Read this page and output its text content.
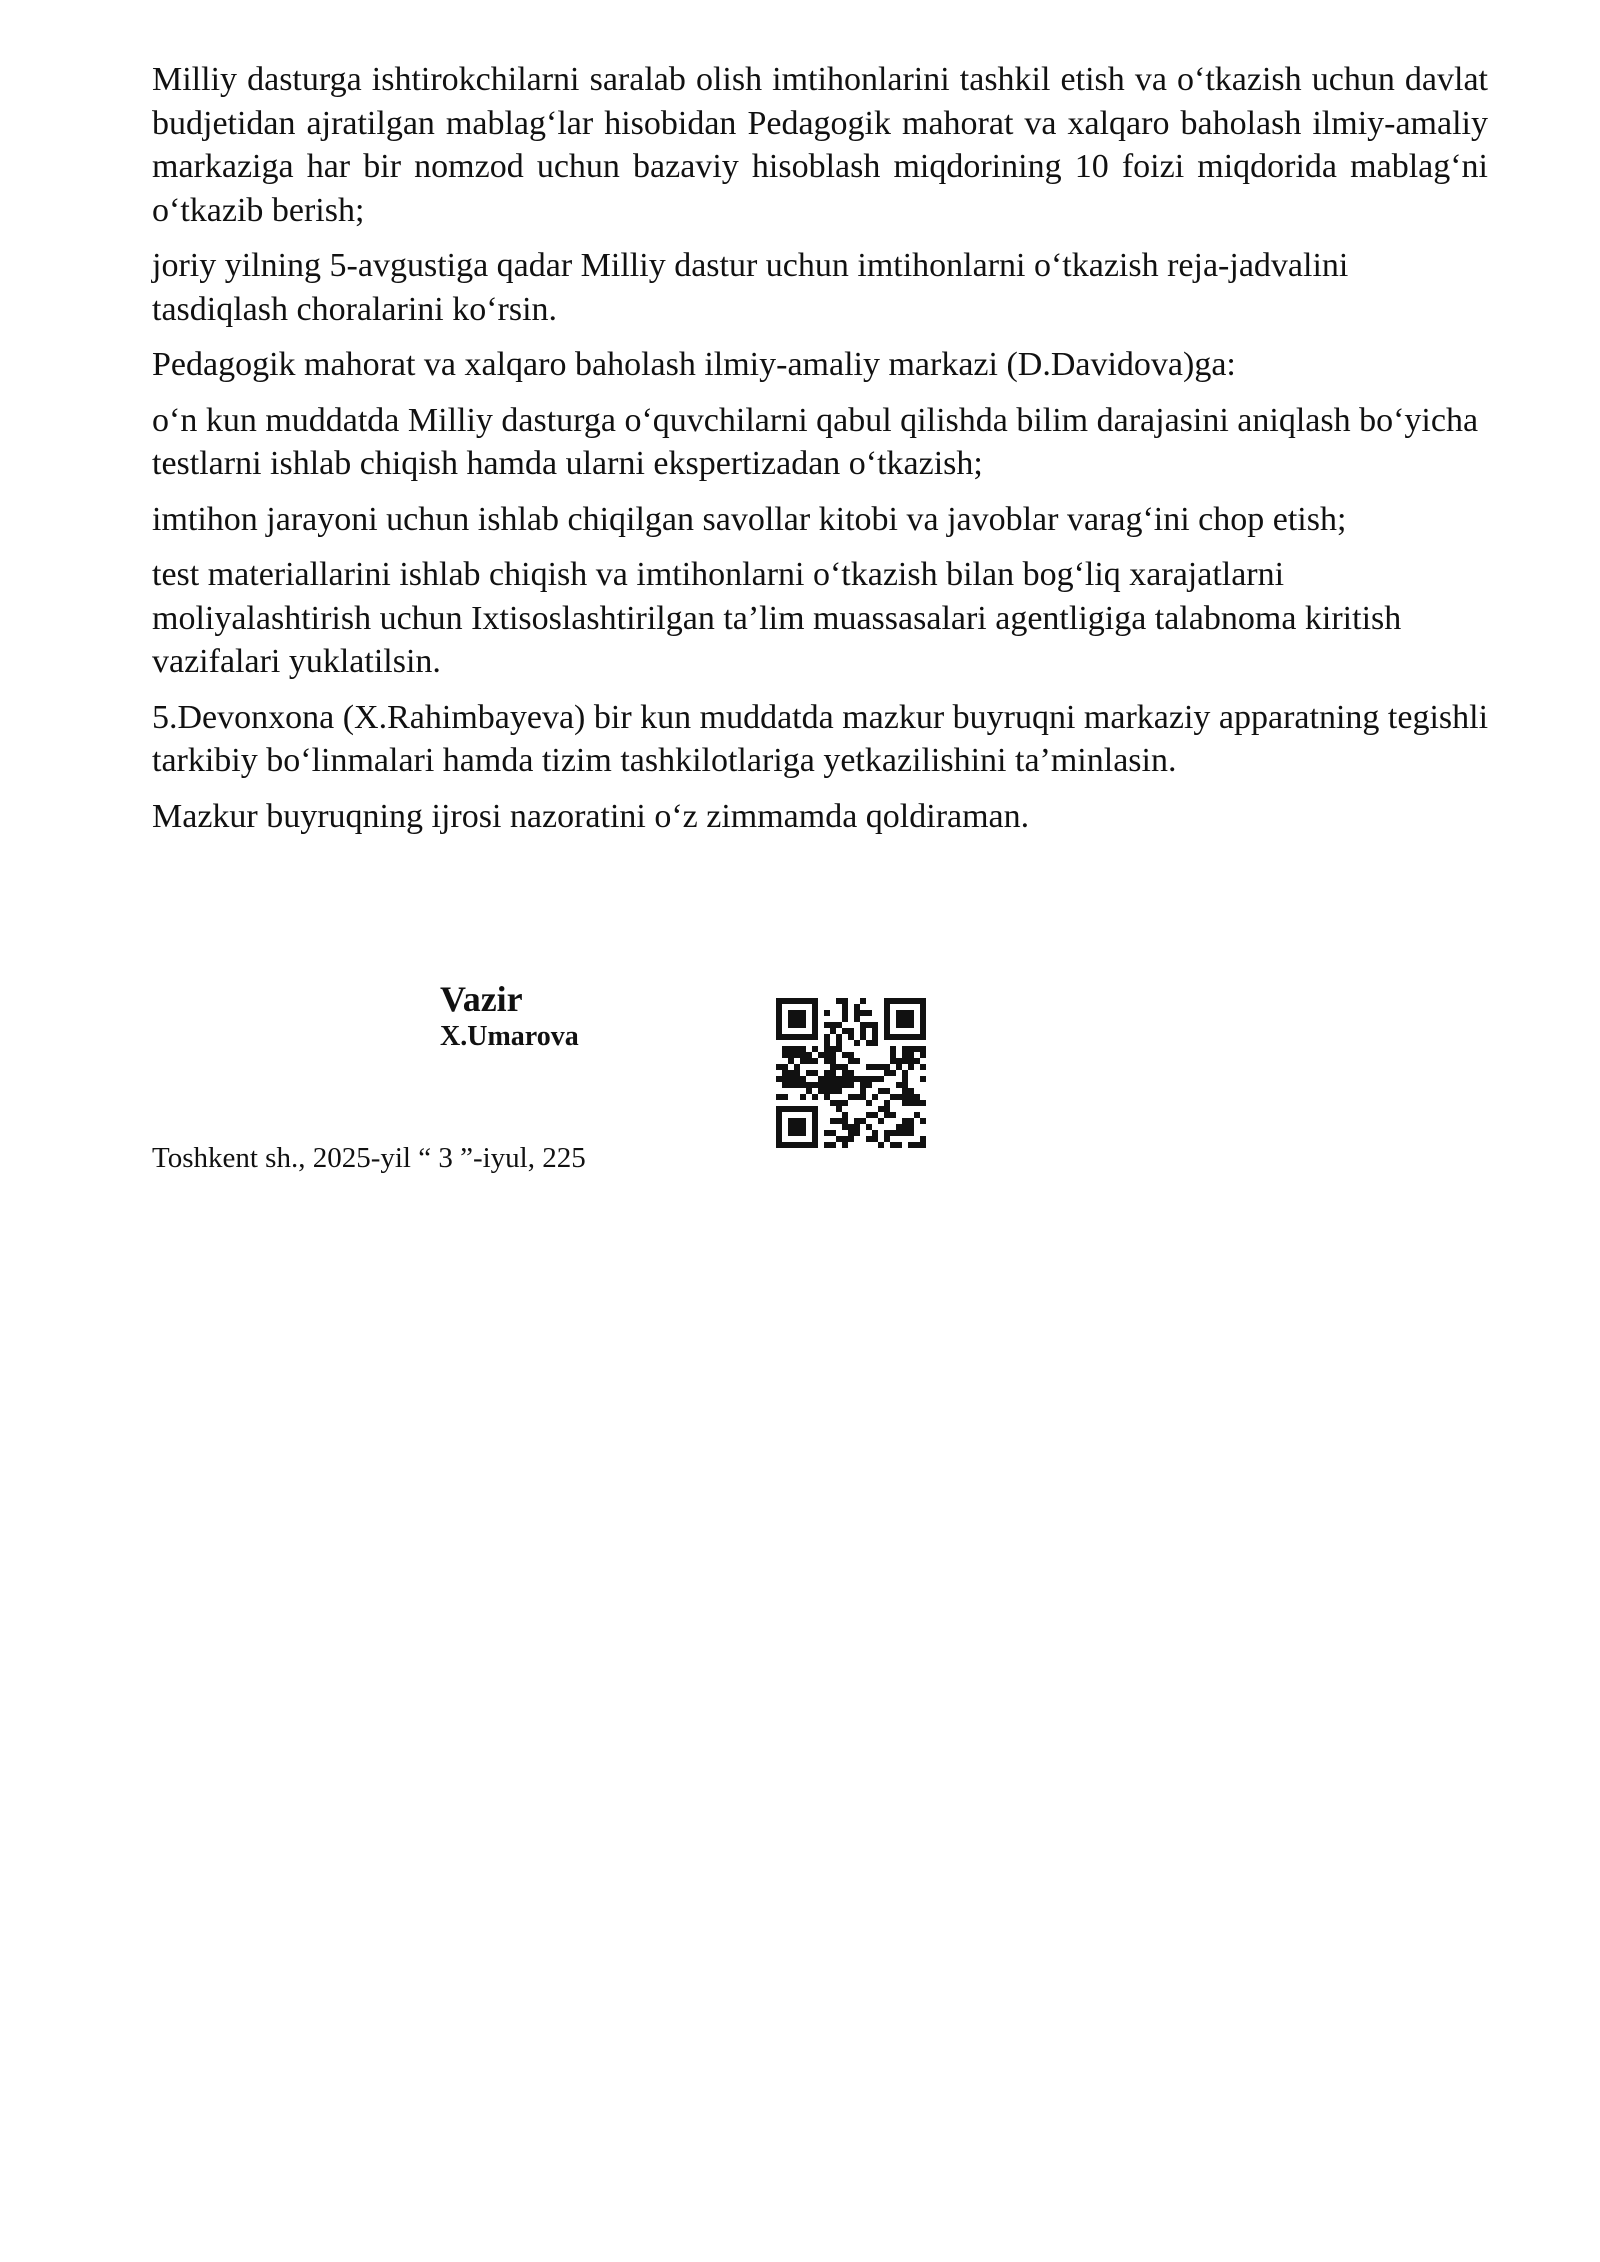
Milliy dasturga ishtirokchilarni saralab olish imtihonlarini tashkil etish va o‘tkazish uchun davlat budjetidan ajratilgan mablag‘lar hisobidan Pedagogik mahorat va xalqaro baholash ilmiy-amaliy markaziga har bir nomzod uchun bazaviy hisoblash miqdorining 10 foizi miqdorida mablag‘ni o‘tkazib berish;

joriy yilning 5-avgustiga qadar Milliy dastur uchun imtihonlarni o‘tkazish reja-jadvalini tasdiqlash choralarini ko‘rsin.

Pedagogik mahorat va xalqaro baholash ilmiy-amaliy markazi (D.Davidova)ga:

o‘n kun muddatda Milliy dasturga o‘quvchilarni qabul qilishda bilim darajasini aniqlash bo‘yicha testlarni ishlab chiqish hamda ularni ekspertizadan o‘tkazish;

imtihon jarayoni uchun ishlab chiqilgan savollar kitobi va javoblar varag‘ini chop etish;

test materiallarini ishlab chiqish va imtihonlarni o‘tkazish bilan bog‘liq xarajatlarni moliyalashtirish uchun Ixtisoslashtirilgan ta’lim muassasalari agentligiga talabnoma kiritish vazifalari yuklatilsin.

5.Devonxona (X.Rahimbayeva) bir kun muddatda mazkur buyruqni markaziy apparatning tegishli tarkibiy bo‘linmalari hamda tizim tashkilotlariga yetkazilishini ta’minlasin.

Mazkur buyruqning ijrosi nazoratini o‘z zimmamda qoldiraman.

Vazir
X.Umarova
Toshkent sh., 2025-yil “ 3 ”-iyul, 225
